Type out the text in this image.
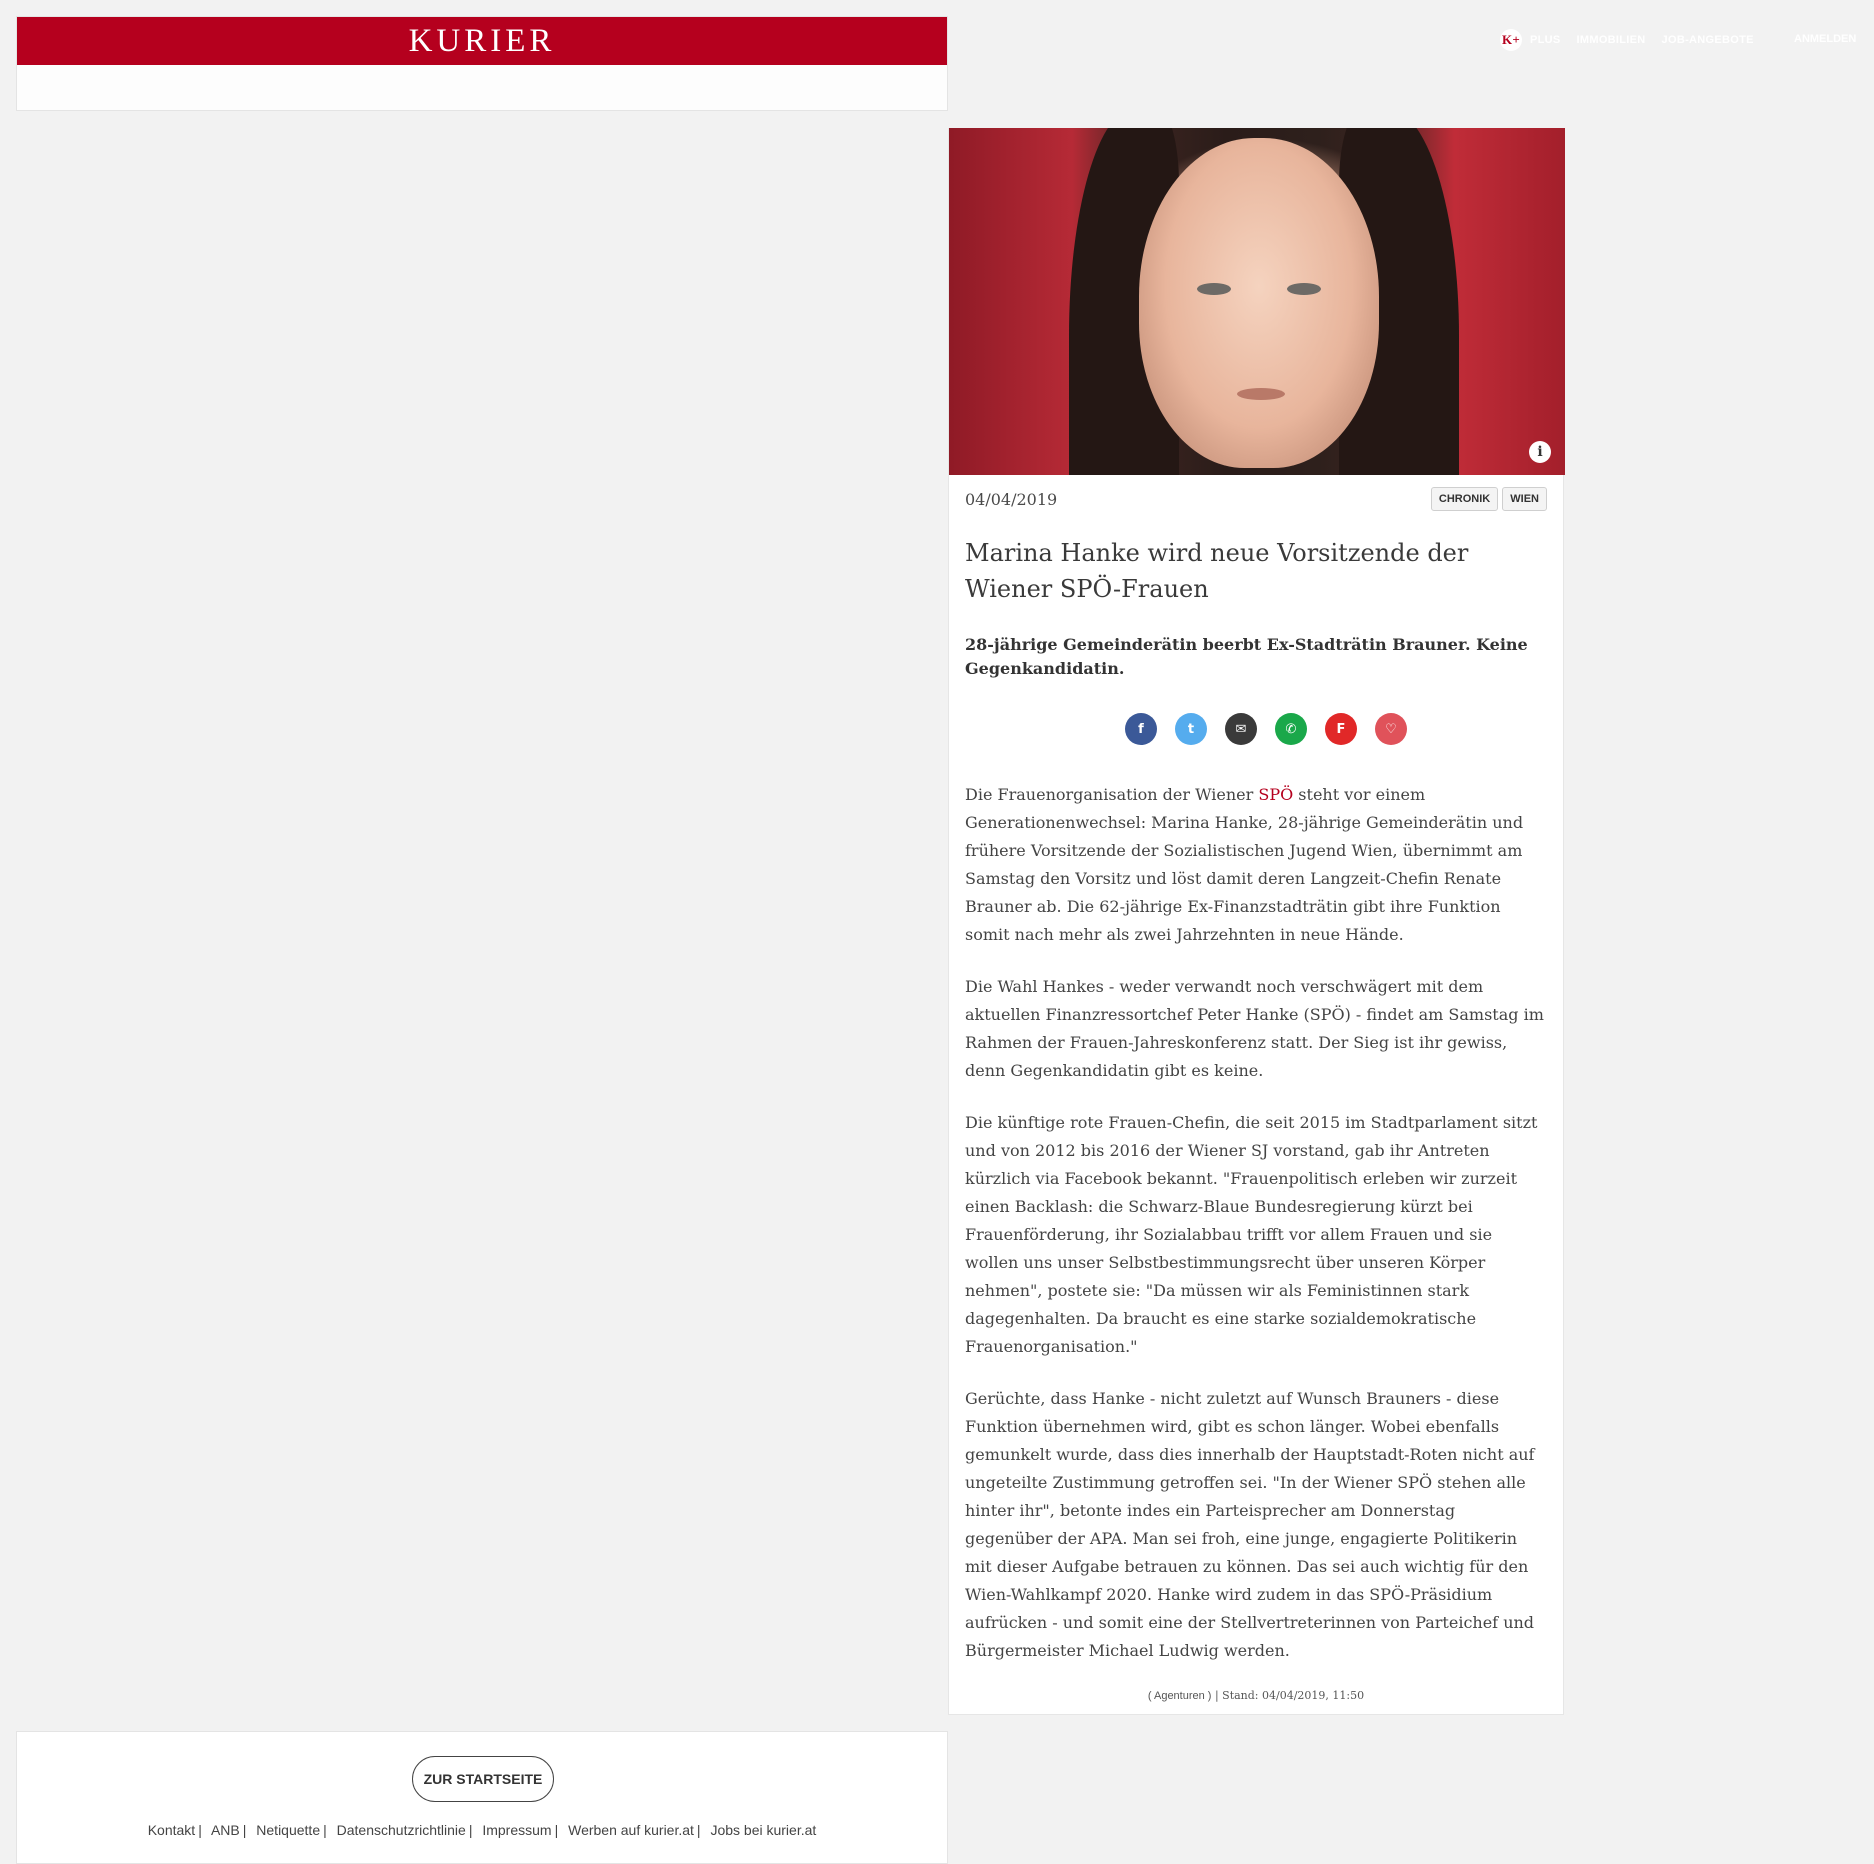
KURIER	K+ PLUS IMMOBILIEN JOB-ANGEBOTE	ANMELDEN
i
04/04/2019	CHRONIK	WIEN
Marina Hanke wird neue Vorsitzende der Wiener SPÖ-Frauen
28-jährige Gemeinderätin beerbt Ex-Stadträtin Brauner. Keine Gegenkandidatin.
f	t	✉	✆	F	♡

Die Frauenorganisation der Wiener SPÖ steht vor einem Generationenwechsel: Marina Hanke, 28-jährige Gemeinderätin und frühere Vorsitzende der Sozialistischen Jugend Wien, übernimmt am Samstag den Vorsitz und löst damit deren Langzeit-Chefin Renate Brauner ab. Die 62-jährige Ex-Finanzstadträtin gibt ihre Funktion somit nach mehr als zwei Jahrzehnten in neue Hände.

Die Wahl Hankes - weder verwandt noch verschwägert mit dem aktuellen Finanzressortchef Peter Hanke (SPÖ) - findet am Samstag im Rahmen der Frauen-Jahreskonferenz statt. Der Sieg ist ihr gewiss, denn Gegenkandidatin gibt es keine.

Die künftige rote Frauen-Chefin, die seit 2015 im Stadtparlament sitzt und von 2012 bis 2016 der Wiener SJ vorstand, gab ihr Antreten kürzlich via Facebook bekannt. "Frauenpolitisch erleben wir zurzeit einen Backlash: die Schwarz-Blaue Bundesregierung kürzt bei Frauenförderung, ihr Sozialabbau trifft vor allem Frauen und sie wollen uns unser Selbstbestimmungsrecht über unseren Körper nehmen", postete sie: "Da müssen wir als Feministinnen stark dagegenhalten. Da braucht es eine starke sozialdemokratische Frauenorganisation."

Gerüchte, dass Hanke - nicht zuletzt auf Wunsch Brauners - diese Funktion übernehmen wird, gibt es schon länger. Wobei ebenfalls gemunkelt wurde, dass dies innerhalb der Hauptstadt-Roten nicht auf ungeteilte Zustimmung getroffen sei. "In der Wiener SPÖ stehen alle hinter ihr", betonte indes ein Parteisprecher am Donnerstag gegenüber der APA. Man sei froh, eine junge, engagierte Politikerin mit dieser Aufgabe betrauen zu können. Das sei auch wichtig für den Wien-Wahlkampf 2020. Hanke wird zudem in das SPÖ-Präsidium aufrücken - und somit eine der Stellvertreterinnen von Parteichef und Bürgermeister Michael Ludwig werden.

( Agenturen ) | Stand: 04/04/2019, 11:50
ZUR STARTSEITE
Kontakt | ANB | Netiquette | Datenschutzrichtlinie | Impressum | Werben auf kurier.at | Jobs bei kurier.at
